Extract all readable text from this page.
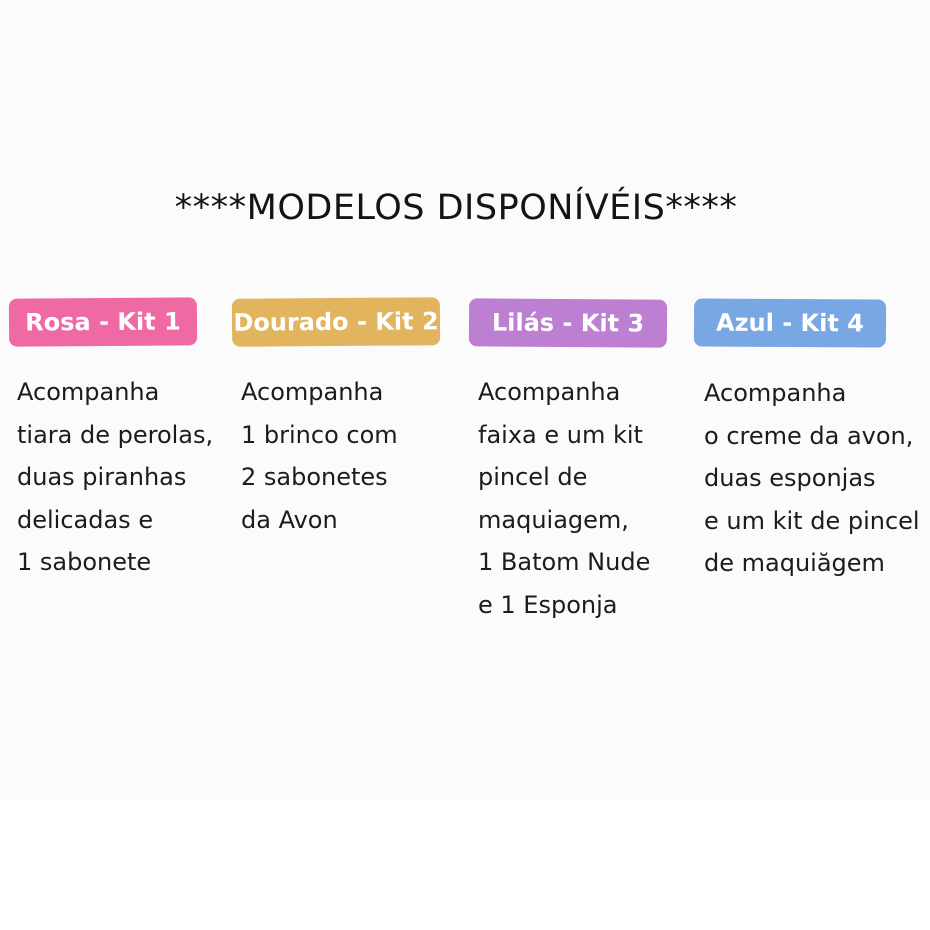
****MODELOS DISPONÍVÉIS****
Rosa - Kit 1
Acompanha
tiara de perolas,
duas piranhas
delicadas e
1 sabonete
Dourado - Kit 2
Acompanha
1 brinco com
2 sabonetes
da Avon
Lilás - Kit 3
Acompanha
faixa e um kit
pincel de
maquiagem,
1 Batom Nude
e 1 Esponja
Azul - Kit 4
Acompanha
o creme da avon,
duas esponjas
e um kit de pincel
de maquiăgem
